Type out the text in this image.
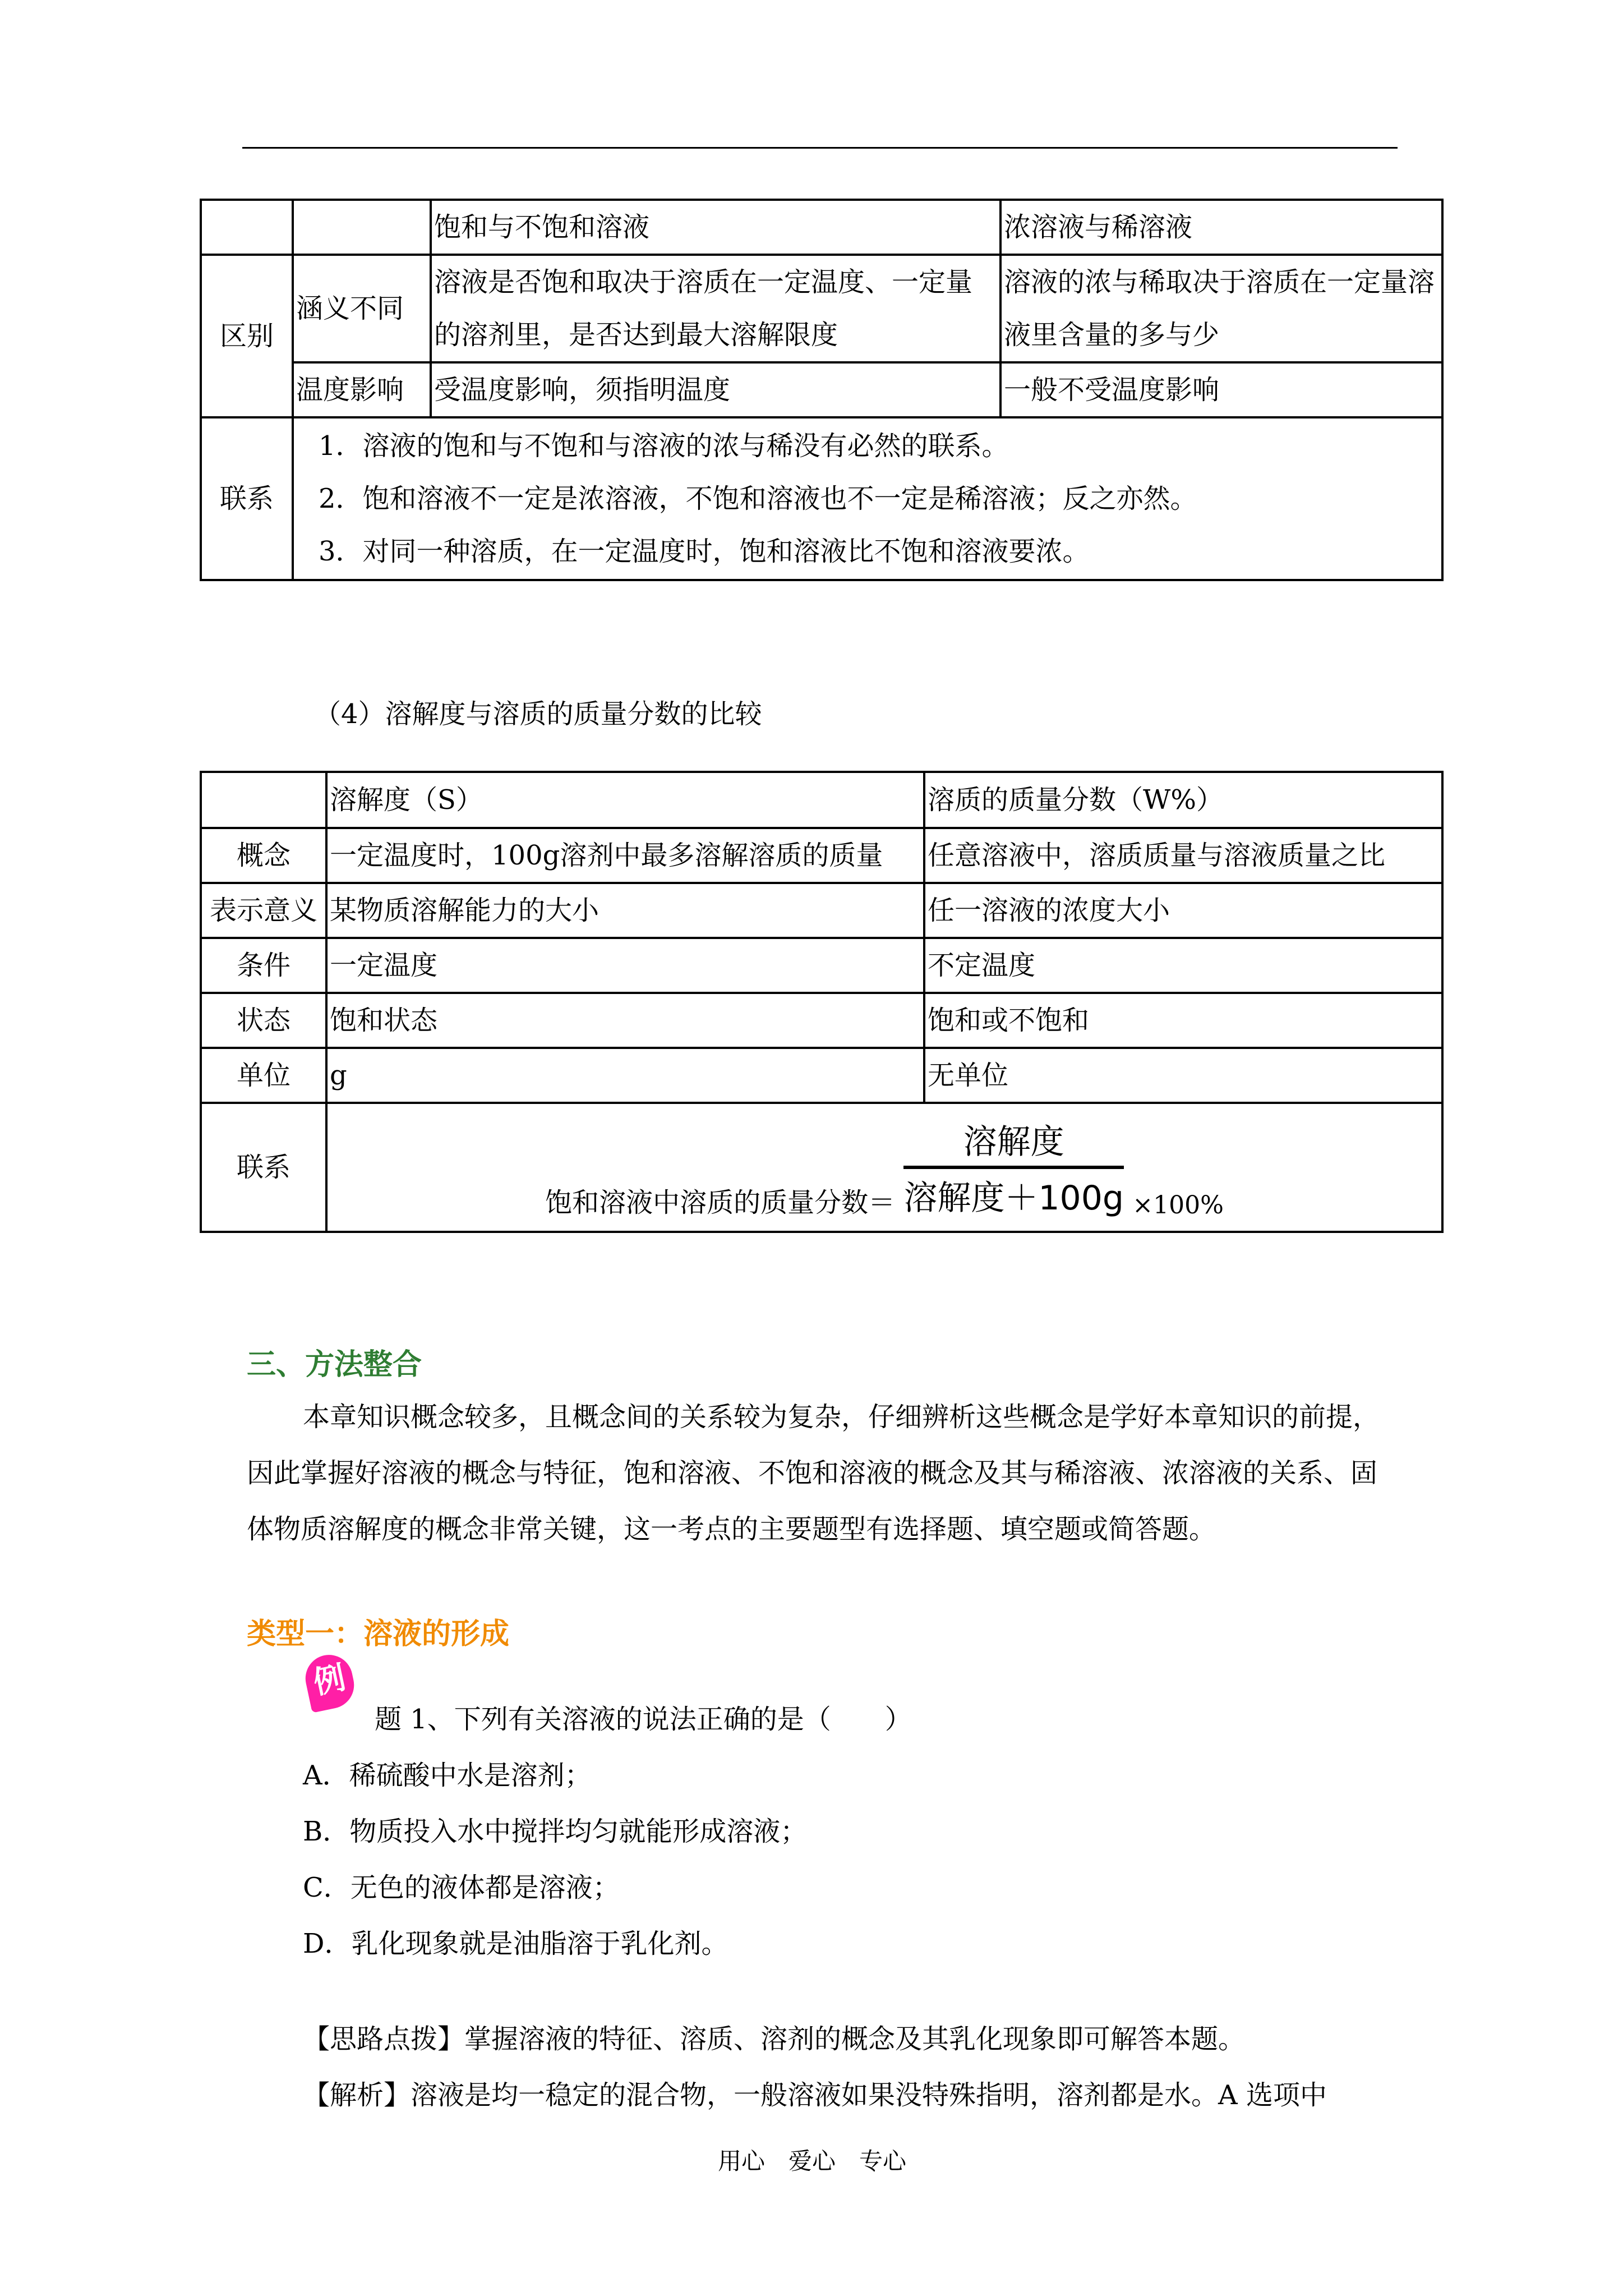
		饱和与不饱和溶液	浓溶液与稀溶液
区别	涵义不同	溶液是否饱和取决于溶质在一定温度、一定量的溶剂里，是否达到最大溶解限度	溶液的浓与稀取决于溶质在一定量溶液里含量的多与少
	温度影响	受温度影响，须指明温度	一般不受温度影响
联系	1．溶液的饱和与不饱和与溶液的浓与稀没有必然的联系。
2．饱和溶液不一定是浓溶液，不饱和溶液也不一定是稀溶液；反之亦然。
3．对同一种溶质，在一定温度时，饱和溶液比不饱和溶液要浓。		
（4）溶解度与溶质的质量分数的比较
	溶解度（S）	溶质的质量分数（W%）
概念	一定温度时，100g溶剂中最多溶解溶质的质量	任意溶液中，溶质质量与溶液质量之比
表示意义	某物质溶解能力的大小	任一溶液的浓度大小
条件	一定温度	不定温度
状态	饱和状态	饱和或不饱和
单位	g	无单位
联系	饱和溶液中溶质的质量分数＝ $\frac{\text{溶解度}}{\text{溶解度＋100g}} \times 100\%$	
三、方法整合
本章知识概念较多，且概念间的关系较为复杂，仔细辨析这些概念是学好本章知识的前提，因此掌握好溶液的概念与特征，饱和溶液、不饱和溶液的概念及其与稀溶液、浓溶液的关系、固体物质溶解度的概念非常关键，这一考点的主要题型有选择题、填空题或简答题。
类型一：溶液的形成
例
题 1、下列有关溶液的说法正确的是（　　）
A．稀硫酸中水是溶剂；
B．物质投入水中搅拌均匀就能形成溶液；
C．无色的液体都是溶液；
D．乳化现象就是油脂溶于乳化剂。
【思路点拨】掌握溶液的特征、溶质、溶剂的概念及其乳化现象即可解答本题。
【解析】溶液是均一稳定的混合物，一般溶液如果没特殊指明，溶剂都是水。A 选项中
用心　爱心　专心
